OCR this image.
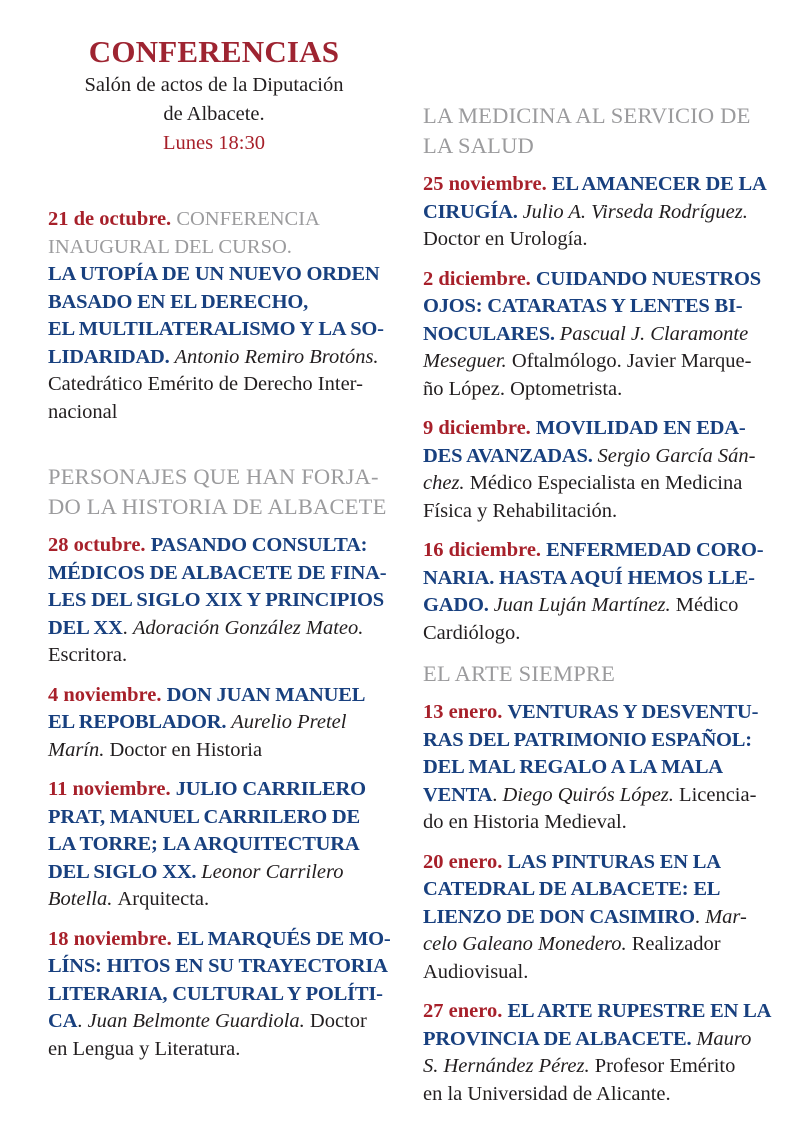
CONFERENCIAS
Salón de actos de la Diputación
de Albacete.
Lunes 18:30
21 de octubre. CONFERENCIA
INAUGURAL DEL CURSO.
LA UTOPÍA DE UN NUEVO ORDEN
BASADO EN EL DERECHO,
EL MULTILATERALISMO Y LA SO-
LIDARIDAD. Antonio Remiro Brotóns.
Catedrático Emérito de Derecho Inter-
nacional
PERSONAJES QUE HAN FORJA-
DO LA HISTORIA DE ALBACETE
28 octubre. PASANDO CONSULTA:
MÉDICOS DE ALBACETE DE FINA-
LES DEL SIGLO XIX Y PRINCIPIOS
DEL XX. Adoración González Mateo.
Escritora.
4 noviembre. DON JUAN MANUEL
EL REPOBLADOR. Aurelio Pretel
Marín. Doctor en Historia
11 noviembre. JULIO CARRILERO
PRAT, MANUEL CARRILERO DE
LA TORRE; LA ARQUITECTURA
DEL SIGLO XX. Leonor Carrilero
Botella. Arquitecta.
18 noviembre. EL MARQUÉS DE MO-
LÍNS: HITOS EN SU TRAYECTORIA
LITERARIA, CULTURAL Y POLÍTI-
CA. Juan Belmonte Guardiola. Doctor
en Lengua y Literatura.
LA MEDICINA AL SERVICIO DE
LA SALUD
25 noviembre. EL AMANECER DE LA
CIRUGÍA. Julio A. Virseda Rodríguez.
Doctor en Urología.
2 diciembre. CUIDANDO NUESTROS
OJOS: CATARATAS Y LENTES BI-
NOCULARES. Pascual J. Claramonte
Meseguer. Oftalmólogo. Javier Marque-
ño López. Optometrista.
9 diciembre. MOVILIDAD EN EDA-
DES AVANZADAS. Sergio García Sán-
chez. Médico Especialista en Medicina
Física y Rehabilitación.
16 diciembre. ENFERMEDAD CORO-
NARIA. HASTA AQUÍ HEMOS LLE-
GADO. Juan Luján Martínez. Médico
Cardiólogo.
EL ARTE SIEMPRE
13 enero. VENTURAS Y DESVENTU-
RAS DEL PATRIMONIO ESPAÑOL:
DEL MAL REGALO A LA MALA
VENTA. Diego Quirós López. Licencia-
do en Historia Medieval.
20 enero. LAS PINTURAS EN LA
CATEDRAL DE ALBACETE: EL
LIENZO DE DON CASIMIRO. Mar-
celo Galeano Monedero. Realizador
Audiovisual.
27 enero. EL ARTE RUPESTRE EN LA
PROVINCIA DE ALBACETE. Mauro
S. Hernández Pérez. Profesor Emérito
en la Universidad de Alicante.
